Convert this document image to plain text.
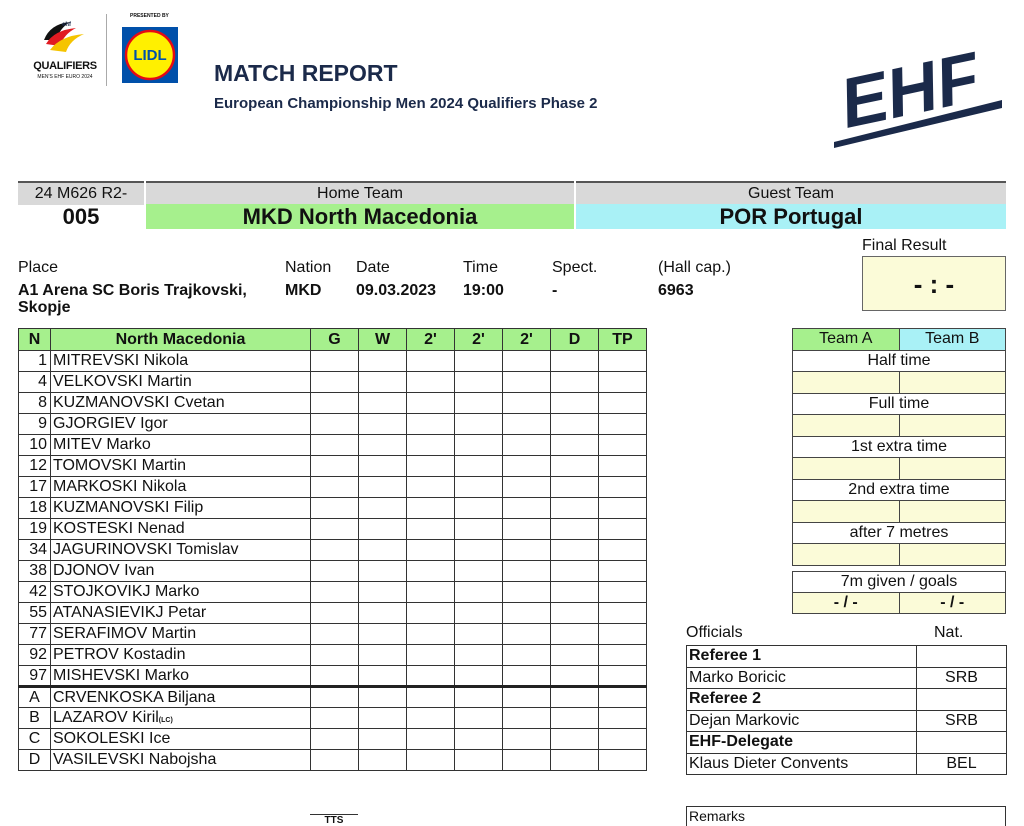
ehf
QUALIFIERS
MEN'S EHF EURO 2024
PRESENTED BY
LIDL
MATCH REPORT
European Championship Men 2024 Qualifiers Phase 2	EHF
24 M626 R2-
005
Home Team	Guest Team
MKD North Macedonia	POR Portugal
Place
A1 Arena SC Boris Trajkovski,
Skopje
Nation
MKD
Date
09.03.2023
Time
19:00
Spect.
-
(Hall cap.)
6963
Final Result
- : -
N	North Macedonia	G	W	2'	2'	2'	D	TP
1	MITREVSKI Nikola							
4	VELKOVSKI Martin							
8	KUZMANOVSKI Cvetan							
9	GJORGIEV Igor							
10	MITEV Marko							
12	TOMOVSKI Martin							
17	MARKOSKI Nikola							
18	KUZMANOVSKI Filip							
19	KOSTESKI Nenad							
34	JAGURINOVSKI Tomislav							
38	DJONOV Ivan							
42	STOJKOVIKJ Marko							
55	ATANASIEVIKJ Petar							
77	SERAFIMOV Martin							
92	PETROV Kostadin							
97	MISHEVSKI Marko							
A	CRVENKOSKA Biljana							
B	LAZAROV Kiril(LC)							
C	SOKOLESKI Ice							
D	VASILEVSKI Nabojsha							
Team A	Team B
Half time	

Full time	

1st extra time	

2nd extra time	

after 7 metres	

7m given / goals
- / -	- / -
Officials	Nat.
Referee 1	
Marko Boricic	SRB
Referee 2	
Dejan Markovic	SRB
EHF-Delegate	
Klaus Dieter Convents	BEL
Remarks
TTS
